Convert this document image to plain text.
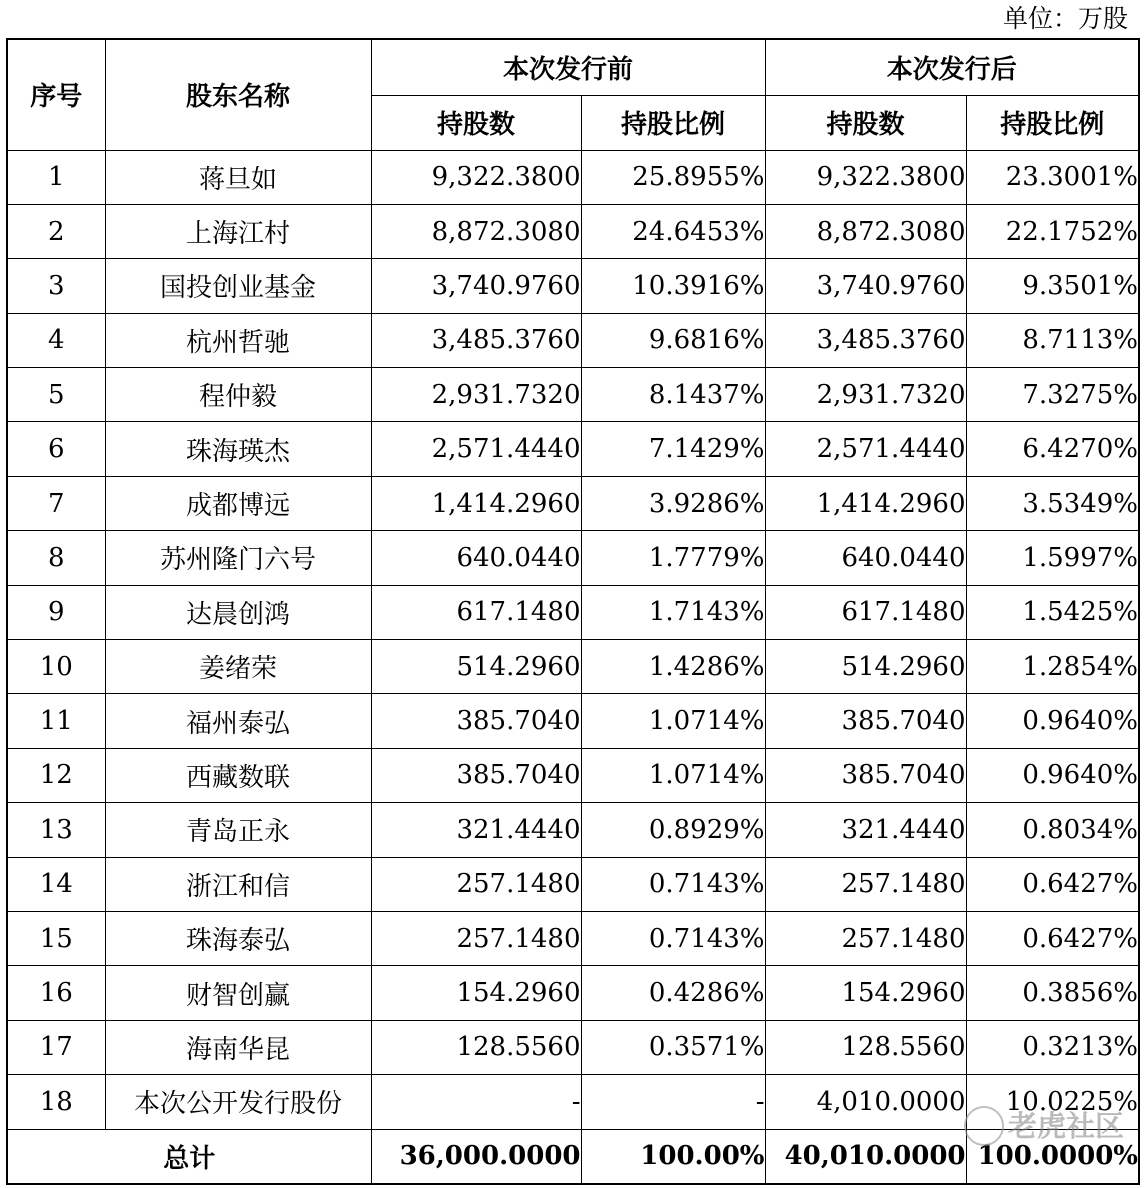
单位：万股
序号	股东名称	本次发行前		本次发行后	
		持股数	持股比例	持股数	持股比例
1	蒋旦如	9,322.3800	25.8955%	9,322.3800	23.3001%
2	上海江村	8,872.3080	24.6453%	8,872.3080	22.1752%
3	国投创业基金	3,740.9760	10.3916%	3,740.9760	9.3501%
4	杭州哲驰	3,485.3760	9.6816%	3,485.3760	8.7113%
5	程仲毅	2,931.7320	8.1437%	2,931.7320	7.3275%
6	珠海瑛杰	2,571.4440	7.1429%	2,571.4440	6.4270%
7	成都博远	1,414.2960	3.9286%	1,414.2960	3.5349%
8	苏州隆门六号	640.0440	1.7779%	640.0440	1.5997%
9	达晨创鸿	617.1480	1.7143%	617.1480	1.5425%
10	姜绪荣	514.2960	1.4286%	514.2960	1.2854%
11	福州泰弘	385.7040	1.0714%	385.7040	0.9640%
12	西藏数联	385.7040	1.0714%	385.7040	0.9640%
13	青岛正永	321.4440	0.8929%	321.4440	0.8034%
14	浙江和信	257.1480	0.7143%	257.1480	0.6427%
15	珠海泰弘	257.1480	0.7143%	257.1480	0.6427%
16	财智创赢	154.2960	0.4286%	154.2960	0.3856%
17	海南华昆	128.5560	0.3571%	128.5560	0.3213%
18	本次公开发行股份	-	-	4,010.0000	10.0225%
总计		36,000.0000	100.00%	40,010.0000	100.0000%
老虎社区
